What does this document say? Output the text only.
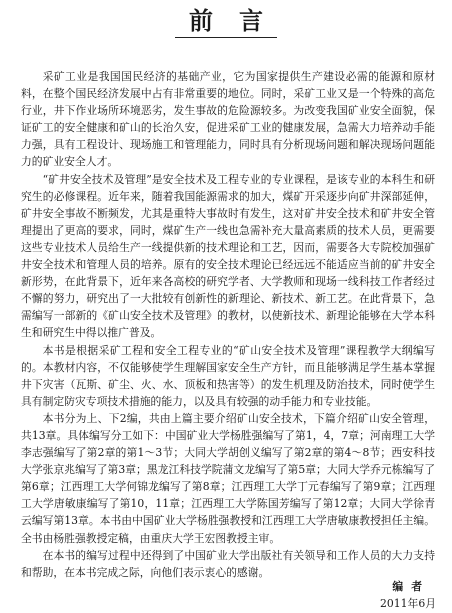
前言

采矿工业是我国国民经济的基础产业，它为国家提供生产建设必需的能源和原材料，在整个国民经济发展中占有非常重要的地位。同时，采矿工业又是一个特殊的高危行业，井下作业场所环境恶劣，发生事故的危险源较多。为改变我国矿业安全面貌，保证矿工的安全健康和矿山的长治久安，促进采矿工业的健康发展，急需大力培养动手能力强，具有工程设计、现场施工和管理能力，同时具有分析现场问题和解决现场问题能力的矿业安全人才。

“矿井安全技术及管理”是安全技术及工程专业的专业课程，是该专业的本科生和研究生的必修课程。近年来，随着我国能源需求的加大，煤矿开采逐步向矿井深部延伸，矿井安全事故不断频发，尤其是重特大事故时有发生，这对矿井安全技术和矿井安全管理提出了更高的要求，同时，煤矿生产一线也急需补充大量高素质的技术人员，更需要这些专业技术人员给生产一线提供新的技术理论和工艺，因而，需要各大专院校加强矿井安全技术和管理人员的培养。原有的安全技术理论已经远远不能适应当前的矿井安全新形势，在此背景下，近年来各高校的研究学者、大学教师和现场一线科技工作者经过不懈的努力，研究出了一大批较有创新性的新理论、新技术、新工艺。在此背景下，急需编写一部新的《矿山安全技术及管理》的教材，以使新技术、新理论能够在大学本科生和研究生中得以推广普及。

本书是根据采矿工程和安全工程专业的“矿山安全技术及管理”课程教学大纲编写的。本教材内容，不仅能够使学生理解国家安全生产方针，而且能够满足学生基本掌握井下灾害（瓦斯、矿尘、火、水、顶板和热害等）的发生机理及防治技术，同时使学生具有制定防灾专项技术措施的能力，以及具有较强的动手能力和专业技能。

本书分为上、下2编，共由上篇主要介绍矿山安全技术，下篇介绍矿山安全管理，共13章。具体编写分工如下：中国矿业大学杨胜强编写了第1，4，7章；河南理工大学李志强编写了第2章的第1～3节；大同大学胡创义编写了第2章的第4～8节；西安科技大学张京兆编写了第3章；黑龙江科技学院蒲文龙编写了第5章；大同大学乔元栋编写了第6章；江西理工大学何锦龙编写了第8章；江西理工大学丁元春编写了第9章；江西理工大学唐敏康编写了第10，11章；江西理工大学陈国芳编写了第12章；大同大学徐青云编写第13章。本书由中国矿业大学杨胜强教授和江西理工大学唐敏康教授担任主编。全书由杨胜强教授定稿，由重庆大学王宏图教授主审。

在本书的编写过程中还得到了中国矿业大学出版社有关领导和工作人员的大力支持和帮助，在本书完成之际，向他们表示衷心的感谢。

编者
2011年6月
